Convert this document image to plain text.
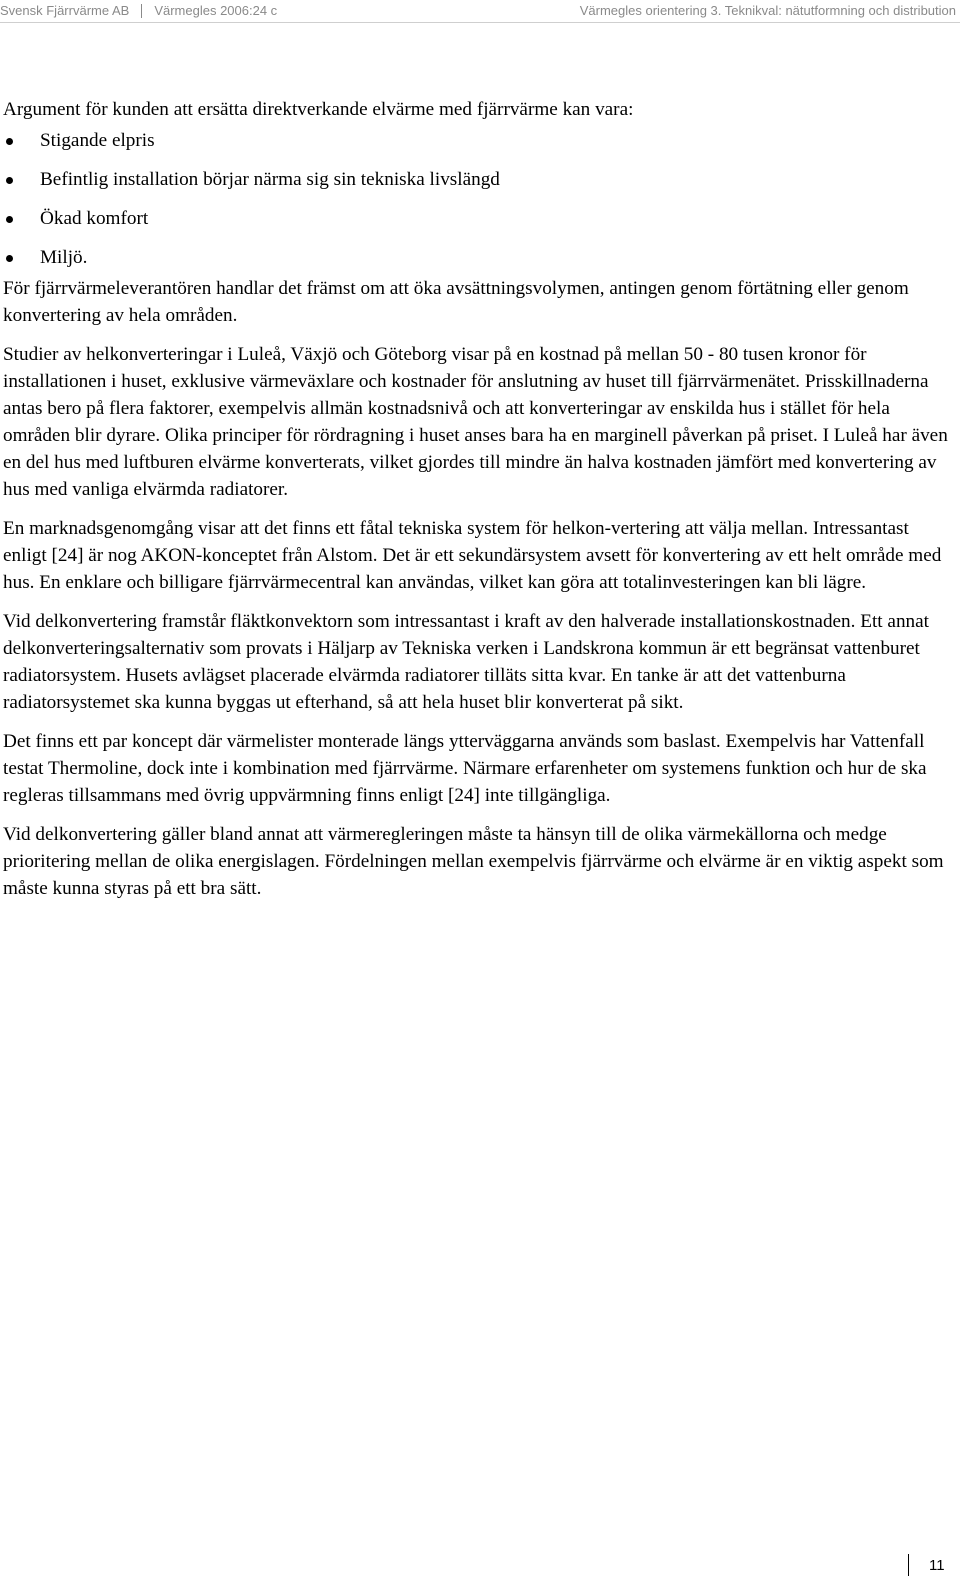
Svensk Fjärrvärme AB Värmegles 2006:24 c	Värmegles orientering 3. Teknikval: nätutformning och distribution

Argument för kunden att ersätta direktverkande elvärme med fjärrvärme kan vara:

Stigande elpris
Befintlig installation börjar närma sig sin tekniska livslängd
Ökad komfort
Miljö.

För fjärrvärmeleverantören handlar det främst om att öka avsättningsvolymen, antingen genom förtätning eller genom konvertering av hela områden.

Studier av helkonverteringar i Luleå, Växjö och Göteborg visar på en kostnad på mellan 50 - 80 tusen kronor för installationen i huset, exklusive värmeväxlare och kostnader för anslutning av huset till fjärrvärmenätet. Prisskillnaderna antas bero på flera faktorer, exempelvis allmän kostnadsnivå och att konverteringar av enskilda hus i stället för hela områden blir dyrare. Olika principer för rördragning i huset anses bara ha en marginell påverkan på priset. I Luleå har även en del hus med luftburen elvärme konverterats, vilket gjordes till mindre än halva kostnaden jämfört med konvertering av hus med vanliga elvärmda radiatorer.

En marknadsgenomgång visar att det finns ett fåtal tekniska system för helkon-vertering att välja mellan. Intressantast enligt [24] är nog AKON-konceptet från Alstom. Det är ett sekundärsystem avsett för konvertering av ett helt område med hus. En enklare och billigare fjärrvärmecentral kan användas, vilket kan göra att totalinvesteringen kan bli lägre.

Vid delkonvertering framstår fläktkonvektorn som intressantast i kraft av den halverade installationskostnaden. Ett annat delkonverteringsalternativ som provats i Häljarp av Tekniska verken i Landskrona kommun är ett begränsat vattenburet radiatorsystem. Husets avlägset placerade elvärmda radiatorer tilläts sitta kvar. En tanke är att det vattenburna radiatorsystemet ska kunna byggas ut efterhand, så att hela huset blir konverterat på sikt.

Det finns ett par koncept där värmelister monterade längs ytterväggarna används som baslast. Exempelvis har Vattenfall testat Thermoline, dock inte i kombination med fjärrvärme. Närmare erfarenheter om systemens funktion och hur de ska regleras tillsammans med övrig uppvärmning finns enligt [24] inte tillgängliga.

Vid delkonvertering gäller bland annat att värmeregleringen måste ta hänsyn till de olika värmekällorna och medge prioritering mellan de olika energislagen. Fördelningen mellan exempelvis fjärrvärme och elvärme är en viktig aspekt som måste kunna styras på ett bra sätt.

11
